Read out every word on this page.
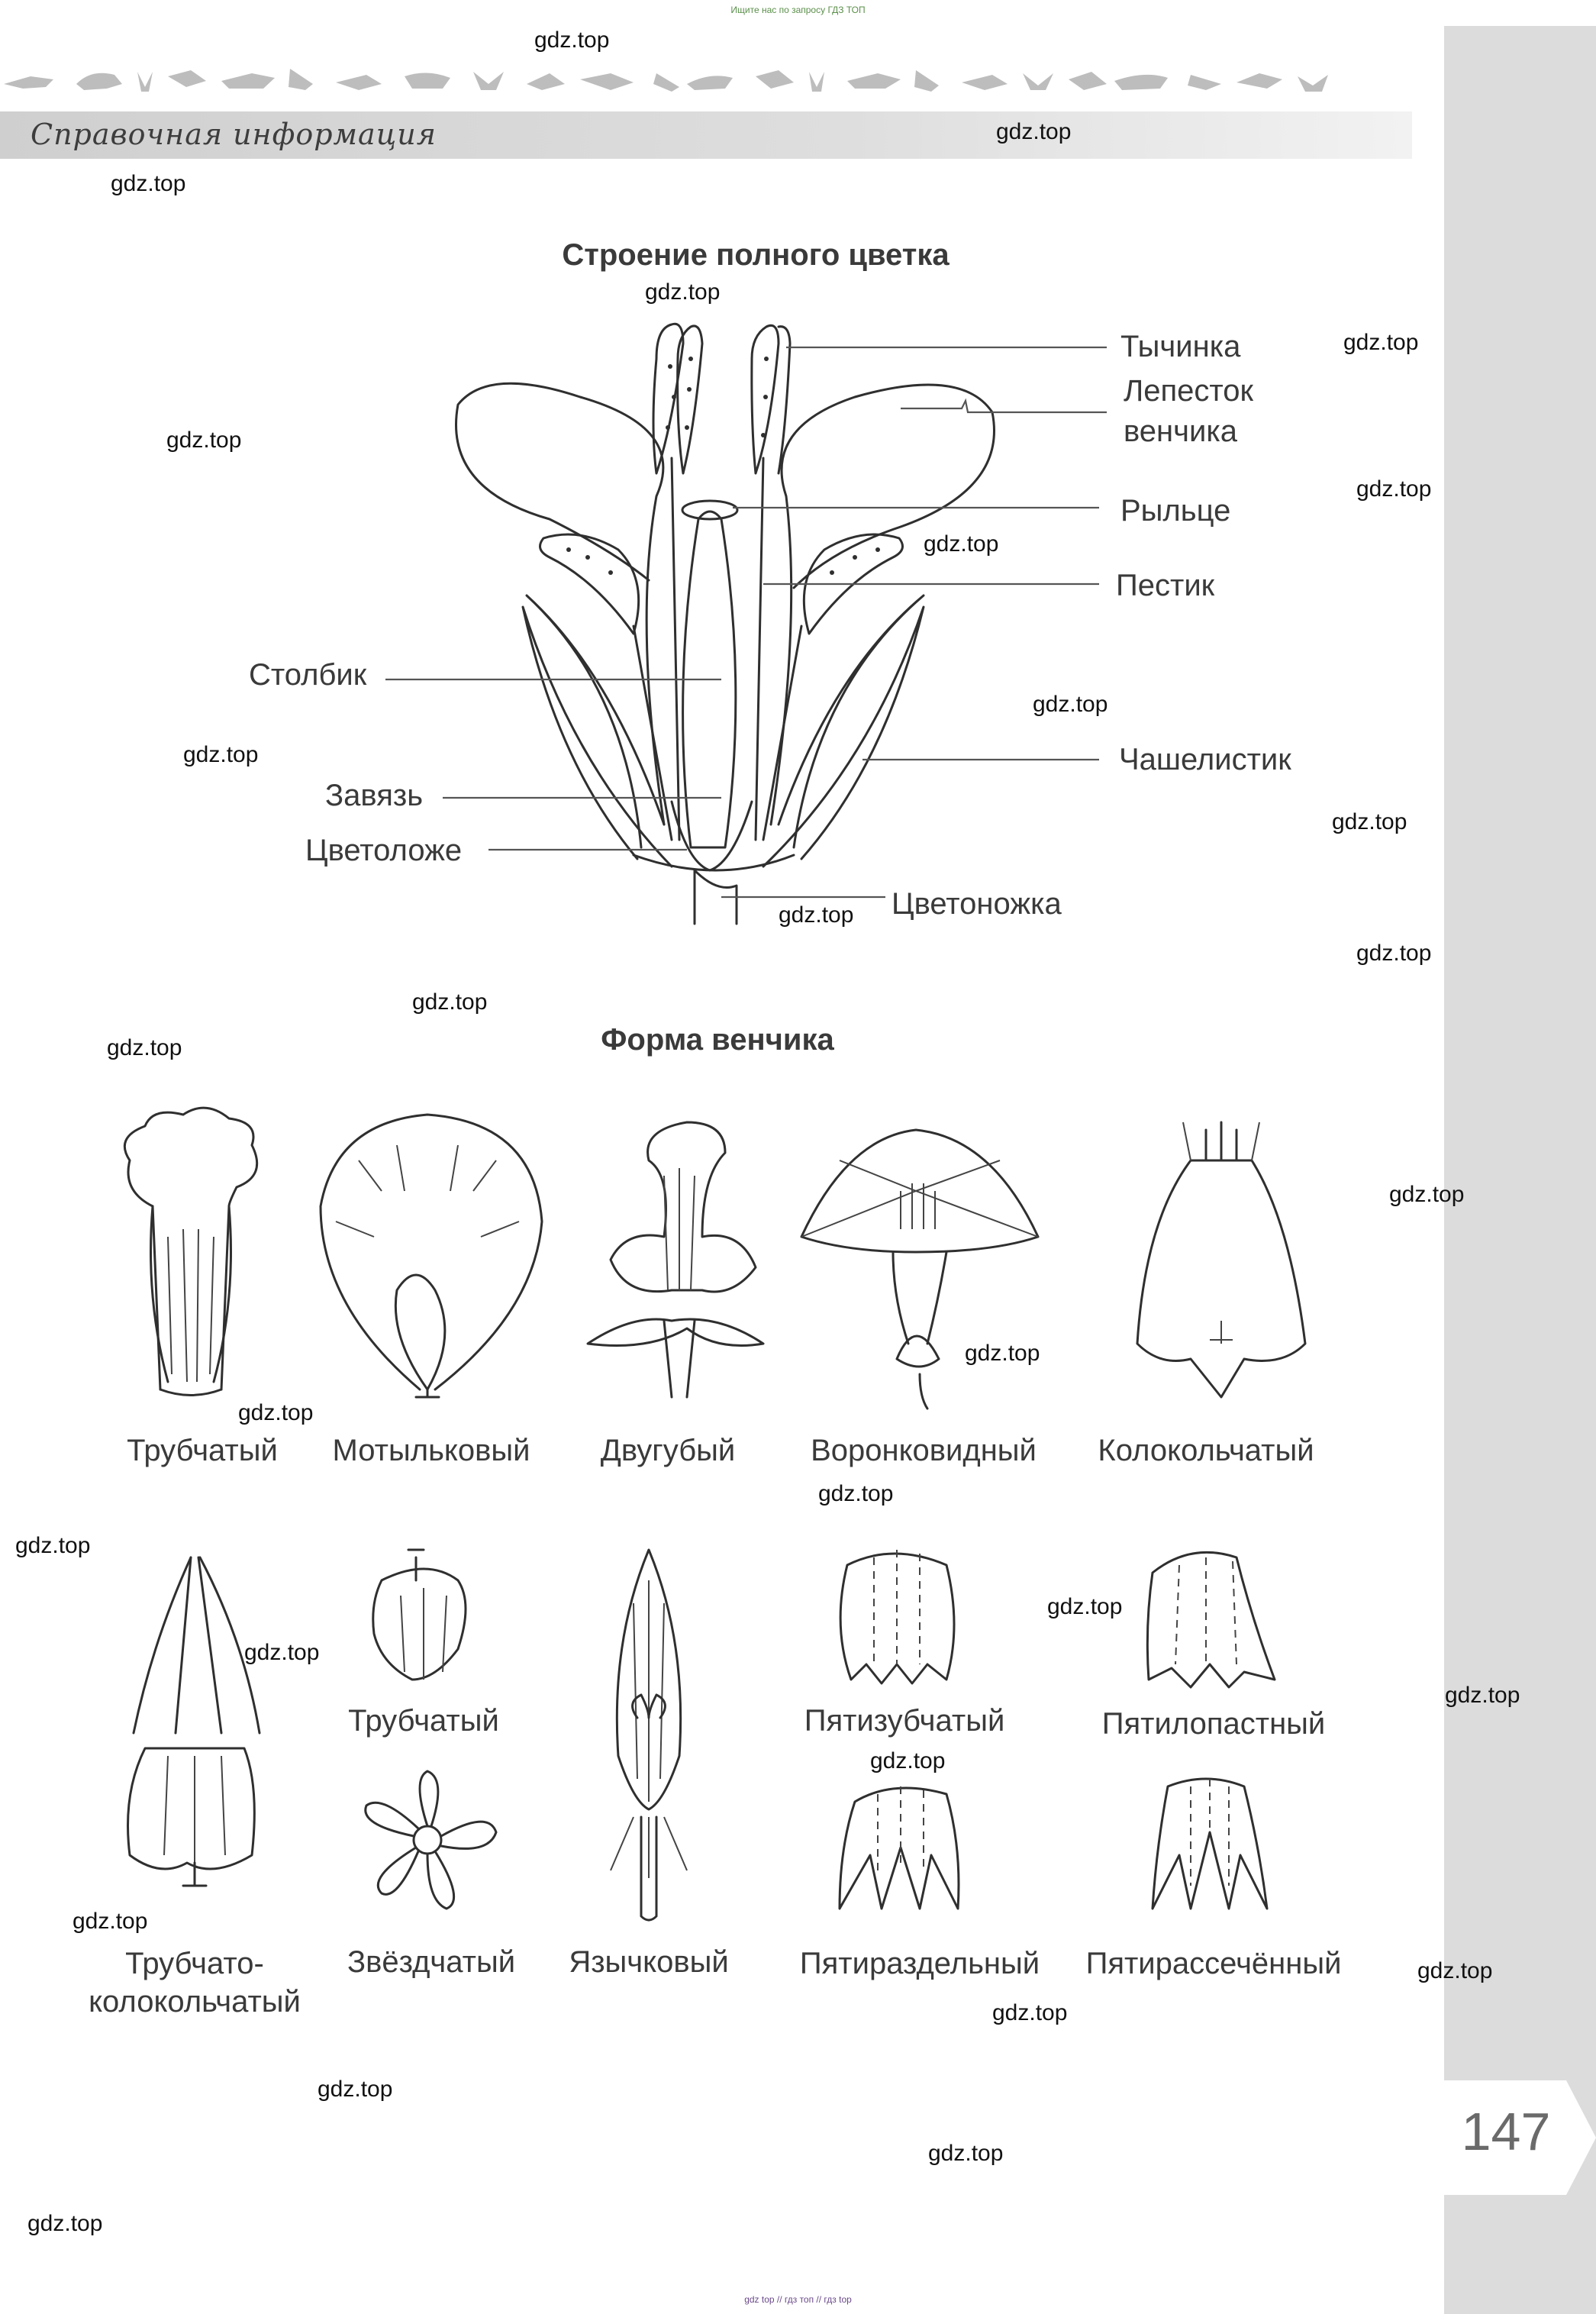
Ищите нас по запросу ГДЗ ТОП
Справочная информация
147
Строение полного цветка
Тычинка
Лепесток
венчика
Рыльце
Пестик
Столбик
Чашелистик
Завязь
Цветоложе
Цветоножка
Форма венчика
Трубчатый	Мотыльковый	Двугубый	Воронковидный	Колокольчатый
Трубчатый	Пятизубчатый	Пятилопастный
Трубчато-
колокольчатый
Звёздчатый	Язычковый	Пятираздельный	Пятирассечённый
gdz.top
gdz.top
gdz.top
gdz.top
gdz.top
gdz.top
gdz.top
gdz.top
gdz.top
gdz.top
gdz.top
gdz.top
gdz.top
gdz.top
gdz.top
gdz.top
gdz.top
gdz.top
gdz.top
gdz.top
gdz.top
gdz.top
gdz.top
gdz.top
gdz.top
gdz.top
gdz.top
gdz.top
gdz.top
gdz.top
gdz top // гдз топ // гдз top
